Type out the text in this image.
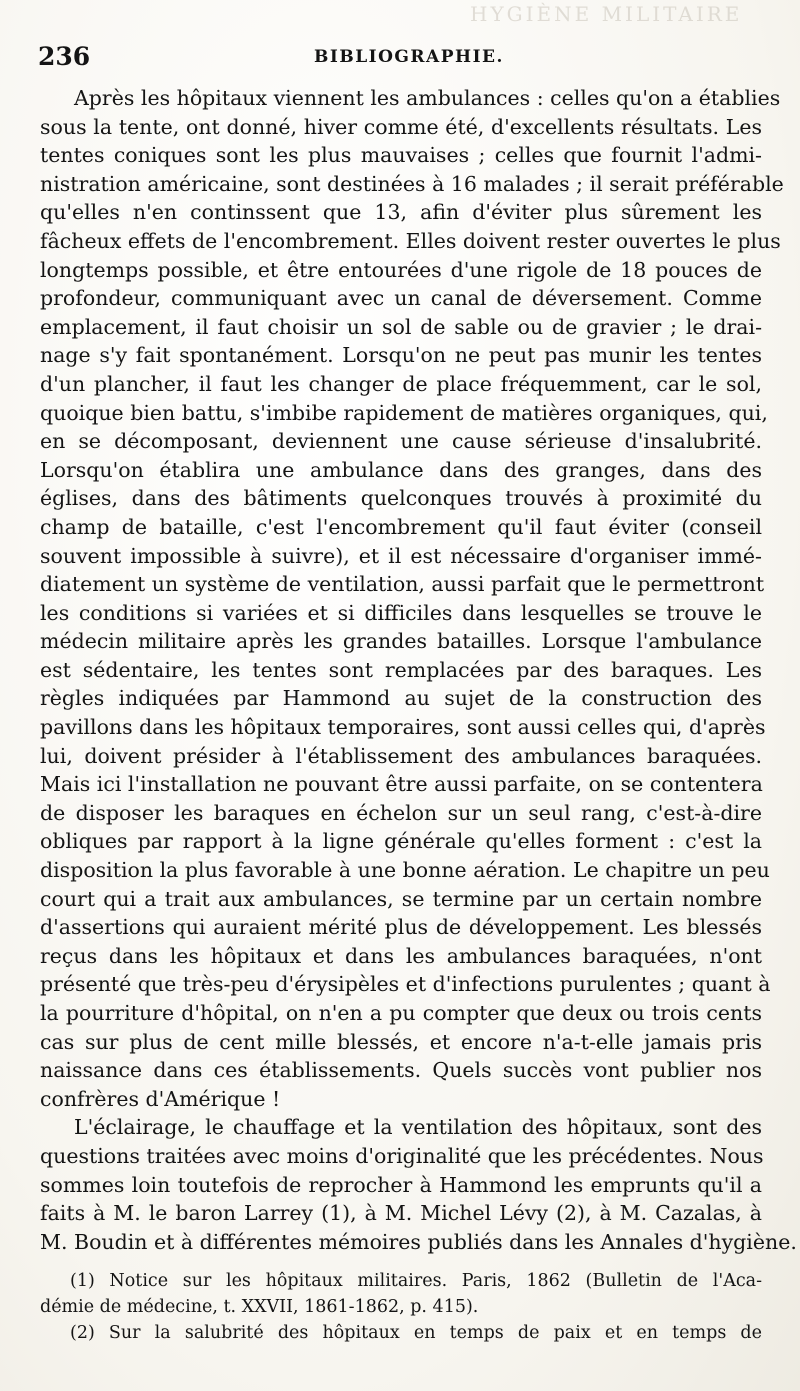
HYGIÈNE MILITAIRE
236	BIBLIOGRAPHIE.
Après les hôpitaux viennent les ambulances : celles qu'on a établies
sous la tente, ont donné, hiver comme été, d'excellents résultats. Les
tentes coniques sont les plus mauvaises ; celles que fournit l'admi-
nistration américaine, sont destinées à 16 malades ; il serait préférable
qu'elles n'en continssent que 13, afin d'éviter plus sûrement les
fâcheux effets de l'encombrement. Elles doivent rester ouvertes le plus
longtemps possible, et être entourées d'une rigole de 18 pouces de
profondeur, communiquant avec un canal de déversement. Comme
emplacement, il faut choisir un sol de sable ou de gravier ; le drai-
nage s'y fait spontanément. Lorsqu'on ne peut pas munir les tentes
d'un plancher, il faut les changer de place fréquemment, car le sol,
quoique bien battu, s'imbibe rapidement de matières organiques, qui,
en se décomposant, deviennent une cause sérieuse d'insalubrité.
Lorsqu'on établira une ambulance dans des granges, dans des
églises, dans des bâtiments quelconques trouvés à proximité du
champ de bataille, c'est l'encombrement qu'il faut éviter (conseil
souvent impossible à suivre), et il est nécessaire d'organiser immé-
diatement un système de ventilation, aussi parfait que le permettront
les conditions si variées et si difficiles dans lesquelles se trouve le
médecin militaire après les grandes batailles. Lorsque l'ambulance
est sédentaire, les tentes sont remplacées par des baraques. Les
règles indiquées par Hammond au sujet de la construction des
pavillons dans les hôpitaux temporaires, sont aussi celles qui, d'après
lui, doivent présider à l'établissement des ambulances baraquées.
Mais ici l'installation ne pouvant être aussi parfaite, on se contentera
de disposer les baraques en échelon sur un seul rang, c'est-à-dire
obliques par rapport à la ligne générale qu'elles forment : c'est la
disposition la plus favorable à une bonne aération. Le chapitre un peu
court qui a trait aux ambulances, se termine par un certain nombre
d'assertions qui auraient mérité plus de développement. Les blessés
reçus dans les hôpitaux et dans les ambulances baraquées, n'ont
présenté que très-peu d'érysipèles et d'infections purulentes ; quant à
la pourriture d'hôpital, on n'en a pu compter que deux ou trois cents
cas sur plus de cent mille blessés, et encore n'a-t-elle jamais pris
naissance dans ces établissements. Quels succès vont publier nos
confrères d'Amérique !
L'éclairage, le chauffage et la ventilation des hôpitaux, sont des
questions traitées avec moins d'originalité que les précédentes. Nous
sommes loin toutefois de reprocher à Hammond les emprunts qu'il a
faits à M. le baron Larrey (1), à M. Michel Lévy (2), à M. Cazalas, à
M. Boudin et à différentes mémoires publiés dans les Annales d'hygiène.
(1) Notice sur les hôpitaux militaires. Paris, 1862 (Bulletin de l'Aca-
démie de médecine, t. XXVII, 1861-1862, p. 415).
(2) Sur la salubrité des hôpitaux en temps de paix et en temps de
